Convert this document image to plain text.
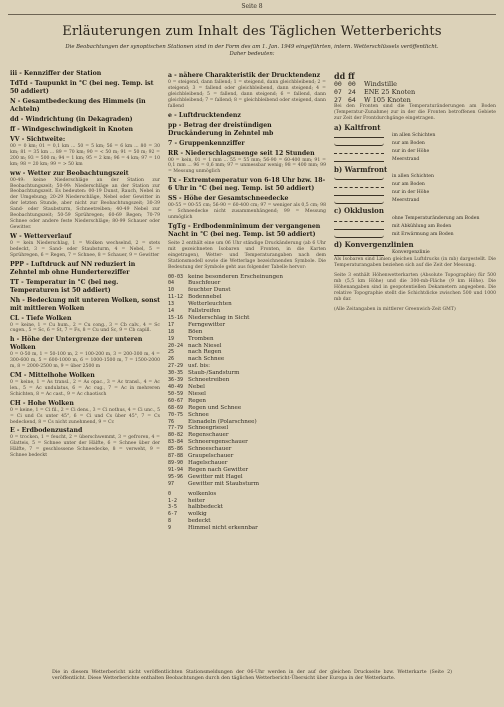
Seite 8
Erläuterungen zum Inhalt des Täglichen Wetterberichts
Die Beobachtungen der synoptischen Stationen sind in der Form des am 1. Jan. 1949 eingeführten, intern. Wetterschlüssels veröffentlicht. Daher bedeuten:
iii - Kennziffer der Station
TdTd - Taupunkt in °C (bei neg. Temp. ist 50 addiert)
N - Gesamtbedeckung des Himmels (in Achteln)
dd - Windrichtung (in Dekagraden)
ff - Windgeschwindigkeit in Knoten
VV - Sichtweite:
00 = 0 km; 01 = 0,1 km ... 50 = 5 km; 56 = 6 km ... 80 = 30 km; 81 = 35 km ... 89 = 70 km; 90 = < 50 m; 91 = 50 m; 92 = 200 m; 93 = 500 m; 94 = 1 km; 95 = 2 km; 96 = 4 km; 97 = 10 km; 98 = 20 km; 99 = > 50 km
ww - Wetter zur Beobachtungszeit
00-49: keine Niederschläge an der Station zur Beobachtungszeit; 50-99: Niederschläge an der Station zur Beobachtungszeit. Es bedeuten: 00-19 Dunst, Rauch, Nebel in der Umgebung; 20-29 Niederschläge, Nebel oder Gewitter in der letzten Stunde, aber nicht zur Beobachtungszeit; 30-39 Sand- oder Staubsturm, Schneetreiben; 40-49 Nebel zur Beobachtungszeit; 50-59 Sprühregen; 60-69 Regen; 70-79 Schnee oder andere feste Niederschläge; 80-99 Schauer oder Gewitter.
W - Wetterverlauf
0 = kein Niederschlag, 1 = Wolken wechselnd, 2 = stets bedeckt, 3 = Sand- oder Staubsturm, 4 = Nebel, 5 = Sprühregen, 6 = Regen, 7 = Schnee, 8 = Schauer, 9 = Gewitter
PPP - Luftdruck auf NN reduziert in Zehntel mb ohne Hundertereziffer
TT - Temperatur in °C (bei neg. Temperaturen ist 50 addiert)
Nh - Bedeckung mit unteren Wolken, sonst mit mittleren Wolken
CL - Tiefe Wolken
0 = keine, 1 = Cu hum., 2 = Cu cong., 3 = Cb calv., 4 = Sc cugen., 5 = Sc, 6 = St, 7 = Fs, 8 = Cu und Sc, 9 = Cb capill.
h - Höhe der Untergrenze der unteren Wolken
0 = 0-50 m, 1 = 50-100 m, 2 = 100-200 m, 3 = 200-300 m, 4 = 300-600 m, 5 = 600-1000 m, 6 = 1000-1500 m, 7 = 1500-2000 m, 8 = 2000-2500 m, 9 = über 2500 m
CM - Mittelhohe Wolken
0 = keine, 1 = As transl., 2 = As opac., 3 = Ac transl., 4 = Ac len., 5 = Ac undulatus, 6 = Ac cug., 7 = Ac in mehreren Schichten, 8 = Ac cast., 9 = Ac chaotisch
CH - Hohe Wolken
0 = keine, 1 = Ci fil., 2 = Ci dens., 3 = Ci nothus, 4 = Ci unc., 5 = Ci und Cs unter 45°, 6 = Ci und Cs über 45°, 7 = Cs bedeckend, 8 = Cs nicht zunehmend, 9 = Cc
E - Erdbodenzustand
0 = trocken, 1 = feucht, 2 = überschwemmt, 3 = gefroren, 4 = Glatteis, 5 = Schnee unter der Hälfte, 6 = Schnee über der Hälfte, 7 = geschlossene Schneedecke, 8 = verweht, 9 = Schnee bedeckt
a - nähere Charakteristik der Drucktendenz
0 = steigend, dann fallend; 1 = steigend, dann gleichbleibend; 2 = steigend; 3 = fallend oder gleichbleibend, dann steigend; 4 = gleichbleibend; 5 = fallend, dann steigend; 6 = fallend, dann gleichbleibend; 7 = fallend; 8 = gleichbleibend oder steigend, dann fallend
e - Luftdrucktendenz
pp - Betrag der dreistündigen Druckänderung in Zehntel mb
7 - Gruppenkennziffer
RR - Niederschlagsmenge seit 12 Stunden
00 = kein, 01 = 1 mm ... 55 = 55 mm; 56-90 = 60-400 mm; 91 = 0,1 mm ... 96 = 0,6 mm; 97 = unmessbar wenig; 98 = 400 mm; 99 = Messung unmöglich
Tx - Extremtemperatur von 6-18 Uhr bzw. 18-6 Uhr in °C (bei neg. Temp. ist 50 addiert)
SS - Höhe der Gesamtschneedecke
00-55 = 00-55 cm; 56-90 = 60-400 cm; 97 = weniger als 0,5 cm; 98 = Schneedecke nicht zusammenhängend; 99 = Messung unmöglich
TgTg - Erdbodenminimum der vergangenen Nacht in °C (bei neg. Temp. ist 50 addiert)
Seite 2 enthält eine um 06 Uhr ständige Druckänderung (ab 6 Uhr mit gezeichneten Isobaren und Fronten, in die Karten eingetragen), Wetter- und Temperaturangaben nach dem Stationsmodell sowie die Wetterlage bezeichnenden Symbole. Die Bedeutung der Symbole geht aus folgender Tabelle hervor:
00-03 keine besonderen Erscheinungen
04	Buschfeuer
10	feuchter Dunst
11-12 Bodennebel
13	Wetterleuchten
14	Fallstreifen
15-16 Niederschlag in Sicht
17	Ferngewitter
18	Böen
19	Tromben
20-24 nach Niesel
25	nach Regen
26	nach Schnee
27-29 usf. bis:
30-35 Staub-/Sandsturm
36-39 Schneetreiben
40-49 Nebel
50-59 Niesel
60-67 Regen
68-69 Regen und Schnee
70-75 Schnee
76	Eisnadeln (Polarschnee)
77-79 Schneegriesel
80-82 Regenschauer
83-84 Schneeregenschauer
85-86 Schneeschauer
87-88 Graupelschauer
89-90 Hagelschauer
91-94 Regen nach Gewitter
95-96 Gewitter mit Hagel
97	Gewitter mit Staubsturm
0	wolkenlos
1-2	heiter
3-5	halbbedeckt
6-7	wolkig
8	bedeckt
9	Himmel nicht erkennbar
dd ff
00 00	Windstille
07 24	ENE 25 Knoten
27 64	W 105 Knoten
Bei den Fronten sind die Temperaturänderungen am Boden (Temperatur-Zunahme) zur in der die Fronten betroffenen Gebiete zur Zeit der Frontdurchgänge eingetragen.
a) Kaltfront
im allen Schichten
nur am Boden
nur in der Höhe
Meerstrand
b) Warmfront
in allen Schichten
nur am Boden
nur in der Höhe
Meerstrand
c) Okklusion
ohne Temperaturänderung am Boden
mit Abkühlung am Boden
mit Erwärmung am Boden
d) Konvergenzlinien
Konvergenzlinie
Als Isobaren sind Linien gleichen Luftdrucks (in mb) dargestellt. Die Temperaturangaben beziehen sich auf die Zeit der Messung.
Seite 3 enthält Höhenwetterkarten (Absolute Topographie) für 500 mb (5,5 km Höhe) und die 300-mb-Fläche (9 km Höhe). Die Höhenangaben sind in geopotentiellen Dekametern angegeben. Die relative Topographie stellt die Schichtdicke zwischen 500 und 1000 mb dar.
(Alle Zeitangaben in mittlerer Greenwich-Zeit GMT)
Die in diesem Wetterbericht nicht veröffentlichten Stationsmeldungen der 06-Uhr werden in der auf der gleichen Druckseite bzw. Wetterkarte (Seite 2) veröffentlicht. Diese Wetterberichte enthalten Beobachtungen durch den täglichen Wetterbericht-Übersicht über Europa in der Wetterkarte.
